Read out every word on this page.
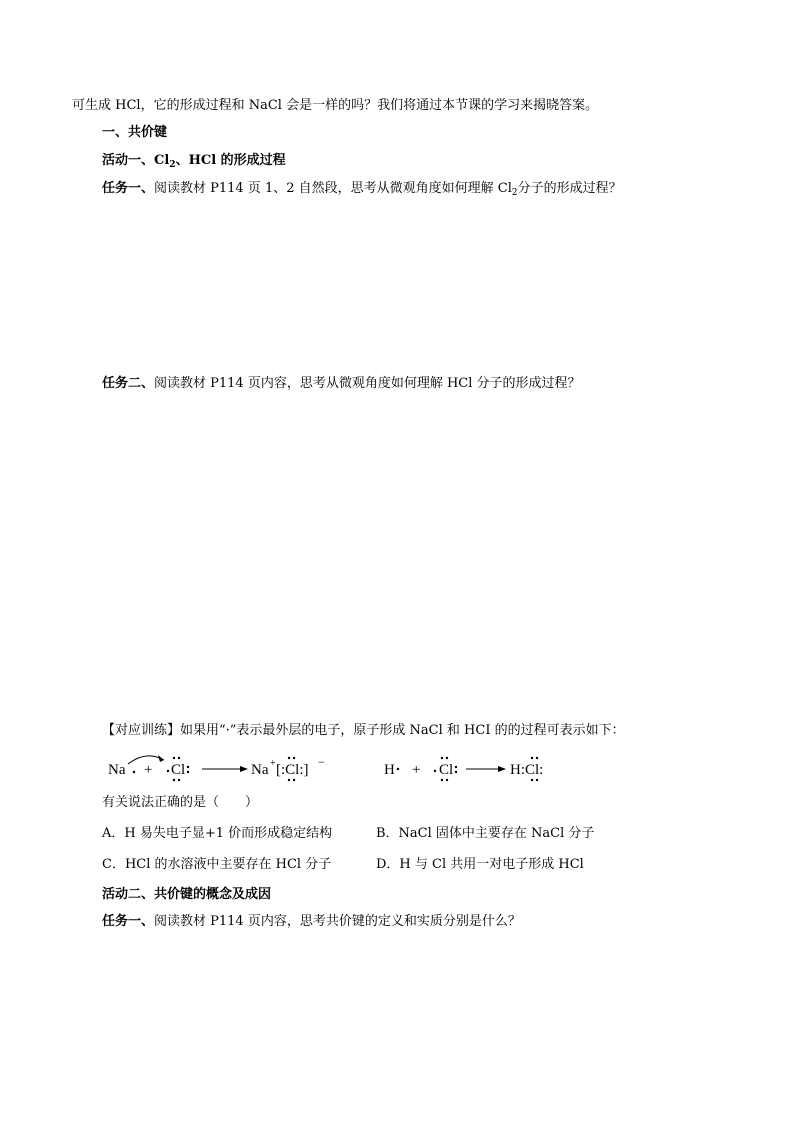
可生成 HCl，它的形成过程和 NaCl 会是一样的吗？我们将通过本节课的学习来揭晓答案。
一、共价键
活动一、$Cl_2$、HCl 的形成过程
任务一、阅读教材 P114 页 1、2 自然段，思考从微观角度如何理解 $Cl_2$分子的形成过程？
任务二、阅读教材 P114 页内容，思考从微观角度如何理解 HCl 分子的形成过程？
【对应训练】如果用“·”表示最外层的电子，原子形成 NaCl 和 HCI 的的过程可表示如下：
Na + Cl	Na + [:Cl:] −	H + Cl	H:Cl:
有关说法正确的是（　　）
A．H 易失电子显+1 价而形成稳定结构	B．NaCl 固体中主要存在 NaCl 分子
C．HCl 的水溶液中主要存在 HCl 分子	D．H 与 Cl 共用一对电子形成 HCl
活动二、共价键的概念及成因
任务一、阅读教材 P114 页内容，思考共价键的定义和实质分别是什么？
